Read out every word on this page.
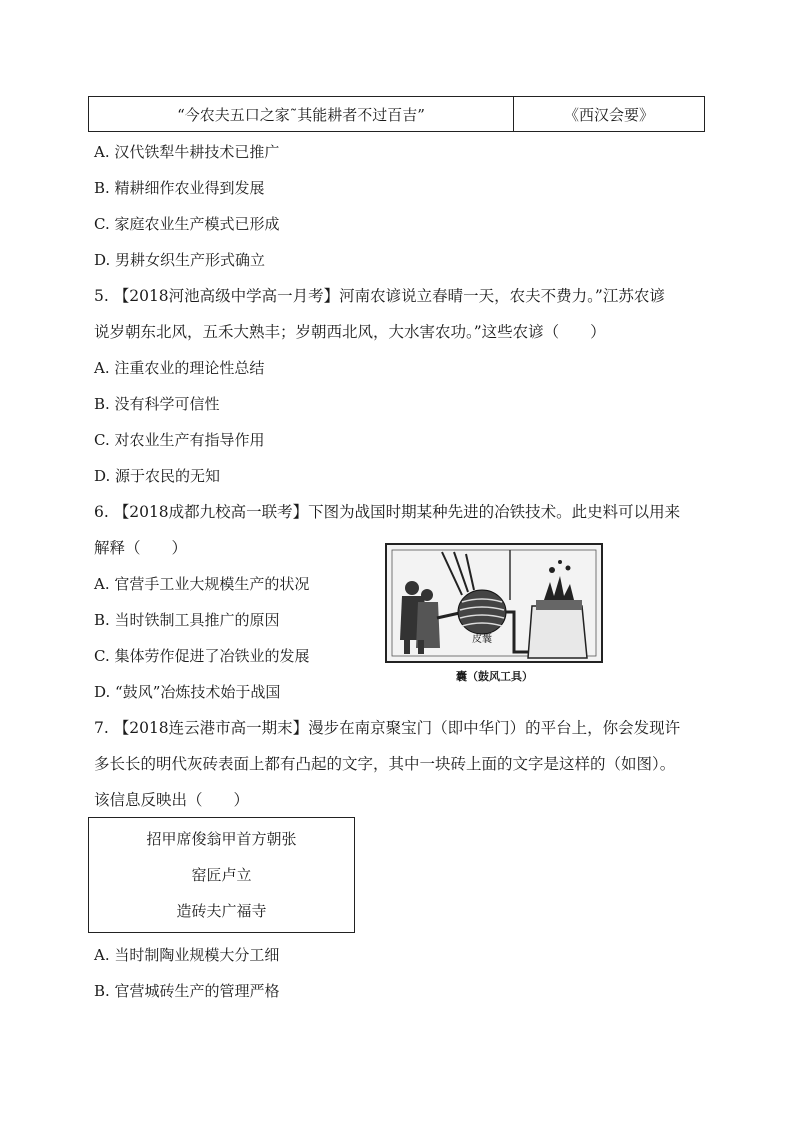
“今农夫五口之家˜其能耕者不过百吉”	《西汉会要》
A. 汉代铁犁牛耕技术已推广
B. 精耕细作农业得到发展
C. 家庭农业生产模式已形成
D. 男耕女织生产形式确立
5. 【2018河池高级中学高一月考】河南农谚说立春晴一天，农夫不费力。”江苏农谚
说岁朝东北风，五禾大熟丰；岁朝西北风，大水害农功。”这些农谚（　　）
A. 注重农业的理论性总结
B. 没有科学可信性
C. 对农业生产有指导作用
D. 源于农民的无知
6. 【2018成都九校高一联考】下图为战国时期某种先进的冶铁技术。此史料可以用来
解释（　　）
A. 官营手工业大规模生产的状况
B. 当时铁制工具推广的原因
C. 集体劳作促进了冶铁业的发展
D. “鼓风”冶炼技术始于战国
皮囊
囊（鼓风工具）
7. 【2018连云港市高一期末】漫步在南京聚宝门（即中华门）的平台上，你会发现许
多长长的明代灰砖表面上都有凸起的文字，其中一块砖上面的文字是这样的（如图）。
该信息反映出（　　）
招甲席俊翁甲首方朝张
窑匠卢立
造砖夫广福寺
A. 当时制陶业规模大分工细
B. 官营城砖生产的管理严格
